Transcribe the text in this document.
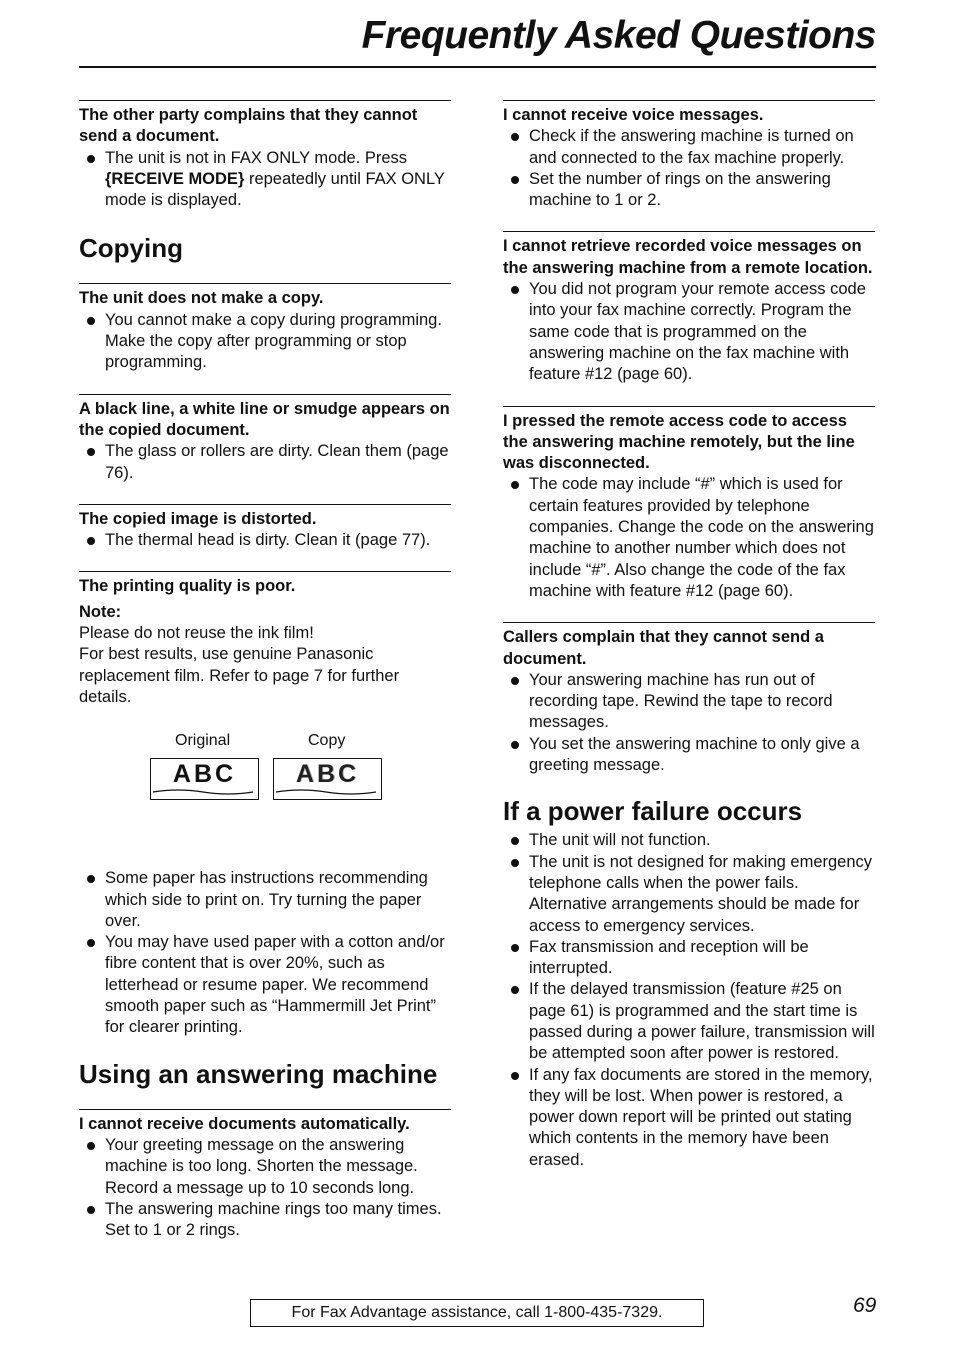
Frequently Asked Questions
The other party complains that they cannot send a document.
The unit is not in FAX ONLY mode. Press {RECEIVE MODE} repeatedly until FAX ONLY mode is displayed.
Copying
The unit does not make a copy.
You cannot make a copy during programming. Make the copy after programming or stop programming.
A black line, a white line or smudge appears on the copied document.
The glass or rollers are dirty. Clean them (page 76).
The copied image is distorted.
The thermal head is dirty. Clean it (page 77).
The printing quality is poor.
Note:
Please do not reuse the ink film!
For best results, use genuine Panasonic replacement film. Refer to page 7 for further details.
Original	Copy
ABC	ABC
Some paper has instructions recommending which side to print on. Try turning the paper over.
You may have used paper with a cotton and/or fibre content that is over 20%, such as letterhead or resume paper. We recommend smooth paper such as “Hammermill Jet Print” for clearer printing.
Using an answering machine
I cannot receive documents automatically.
Your greeting message on the answering machine is too long. Shorten the message. Record a message up to 10 seconds long.
The answering machine rings too many times. Set to 1 or 2 rings.
I cannot receive voice messages.
Check if the answering machine is turned on and connected to the fax machine properly.
Set the number of rings on the answering machine to 1 or 2.
I cannot retrieve recorded voice messages on the answering machine from a remote location.
You did not program your remote access code into your fax machine correctly. Program the same code that is programmed on the answering machine on the fax machine with feature #12 (page 60).
I pressed the remote access code to access the answering machine remotely, but the line was disconnected.
The code may include “#” which is used for certain features provided by telephone companies. Change the code on the answering machine to another number which does not include “#”. Also change the code of the fax machine with feature #12 (page 60).
Callers complain that they cannot send a document.
Your answering machine has run out of recording tape. Rewind the tape to record messages.
You set the answering machine to only give a greeting message.
If a power failure occurs
The unit will not function.
The unit is not designed for making emergency telephone calls when the power fails. Alternative arrangements should be made for access to emergency services.
Fax transmission and reception will be interrupted.
If the delayed transmission (feature #25 on page 61) is programmed and the start time is passed during a power failure, transmission will be attempted soon after power is restored.
If any fax documents are stored in the memory, they will be lost. When power is restored, a power down report will be printed out stating which contents in the memory have been erased.
For Fax Advantage assistance, call 1-800-435-7329.	69
